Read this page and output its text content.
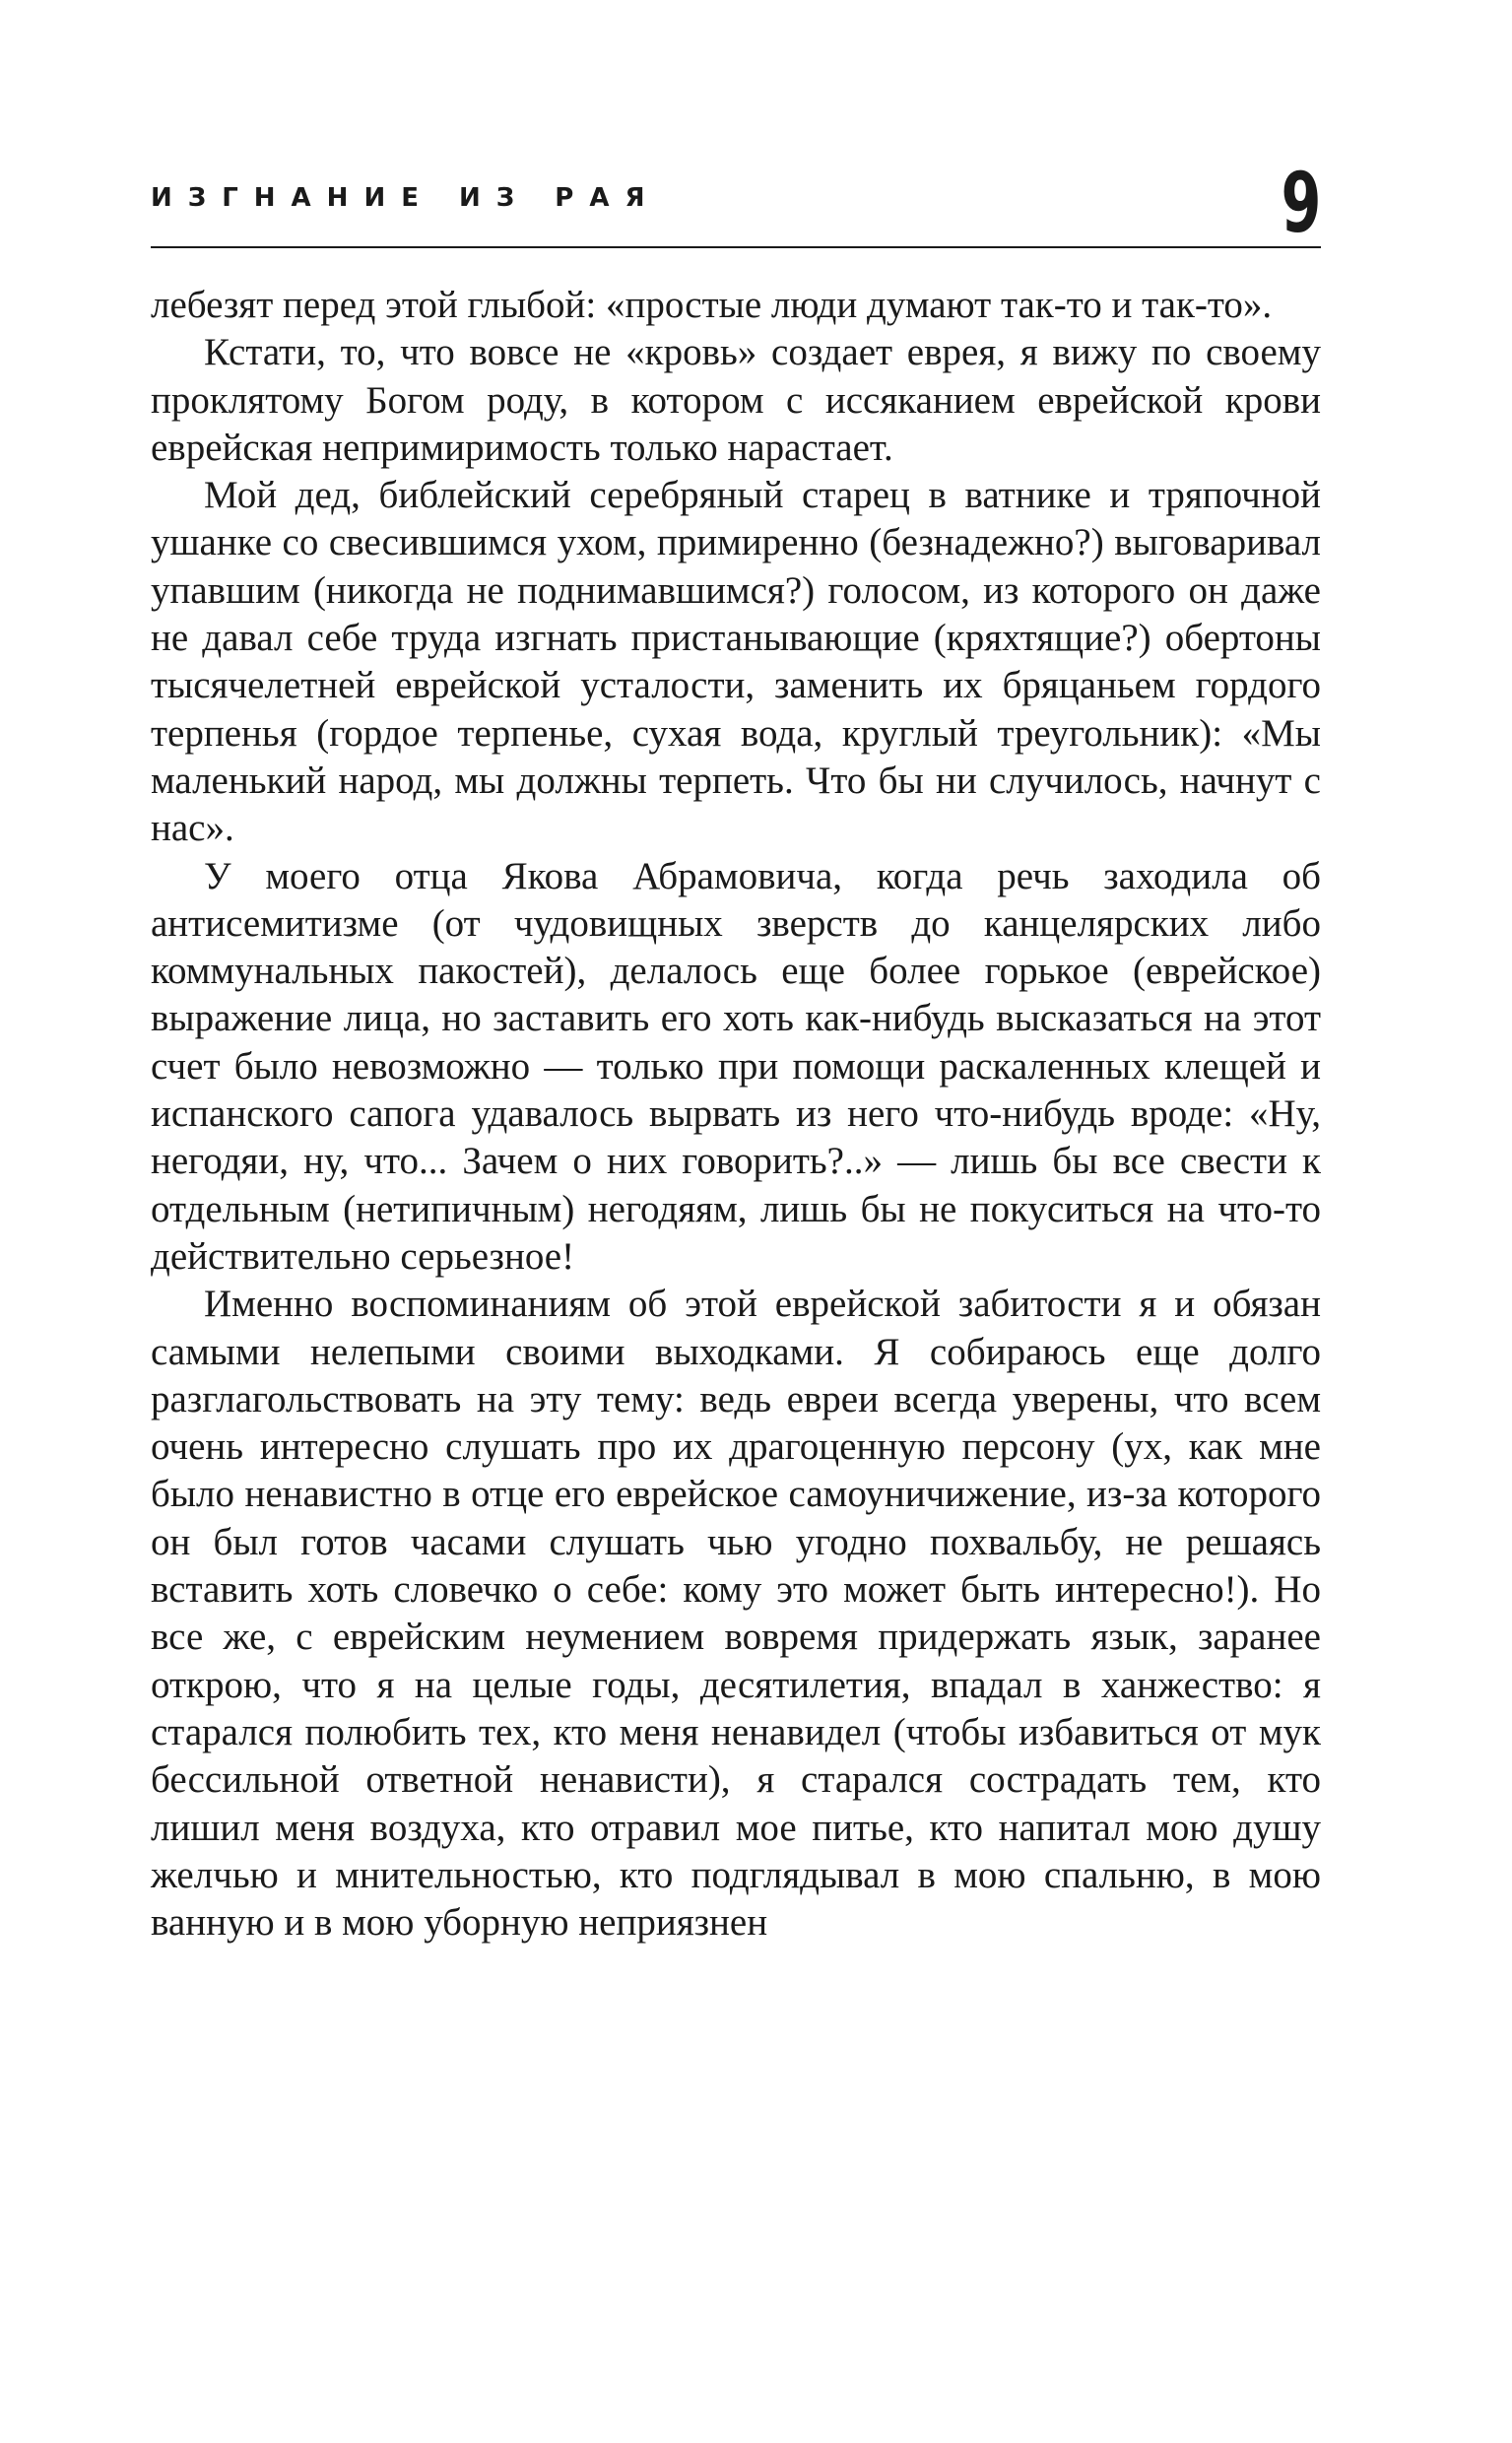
ИЗГНАНИЕ ИЗ РАЯ	9

лебезят перед этой глыбой: «простые люди думают так-то и так-то».

Кстати, то, что вовсе не «кровь» создает еврея, я вижу по своему проклятому Богом роду, в котором с иссяканием еврейской крови еврейская непримиримость только нарастает.

Мой дед, библейский серебряный старец в ватнике и тряпочной ушанке со свесившимся ухом, примиренно (безнадежно?) выговаривал упавшим (никогда не поднимавшимся?) голосом, из которого он даже не давал себе труда изгнать пристанывающие (кряхтящие?) обертоны тысячелетней еврейской усталости, заменить их бряцаньем гордого терпенья (гордое терпенье, сухая вода, круглый треугольник): «Мы маленький народ, мы должны терпеть. Что бы ни случилось, начнут с нас».

У моего отца Якова Абрамовича, когда речь заходила об антисемитизме (от чудовищных зверств до канцелярских либо коммунальных пакостей), делалось еще более горькое (еврейское) выражение лица, но заставить его хоть как-нибудь высказаться на этот счет было невозможно — только при помощи раскаленных клещей и испанского сапога удавалось вырвать из него что-нибудь вроде: «Ну, негодяи, ну, что... Зачем о них говорить?..» — лишь бы все свести к отдельным (нетипичным) негодяям, лишь бы не покуситься на что-то действительно серьезное!

Именно воспоминаниям об этой еврейской забитости я и обязан самыми нелепыми своими выходками. Я собираюсь еще долго разглагольствовать на эту тему: ведь евреи всегда уверены, что всем очень интересно слушать про их драгоценную персону (ух, как мне было ненавистно в отце его еврейское самоуничижение, из-за которого он был готов часами слушать чью угодно похвальбу, не решаясь вставить хоть словечко о себе: кому это может быть интересно!). Но все же, с еврейским неумением вовремя придержать язык, заранее открою, что я на целые годы, десятилетия, впадал в ханжество: я старался полюбить тех, кто меня ненавидел (чтобы избавиться от мук бессильной ответной ненависти), я старался сострадать тем, кто лишил меня воздуха, кто отравил мое питье, кто напитал мою душу желчью и мнительностью, кто подглядывал в мою спальню, в мою ванную и в мою уборную неприязнен
